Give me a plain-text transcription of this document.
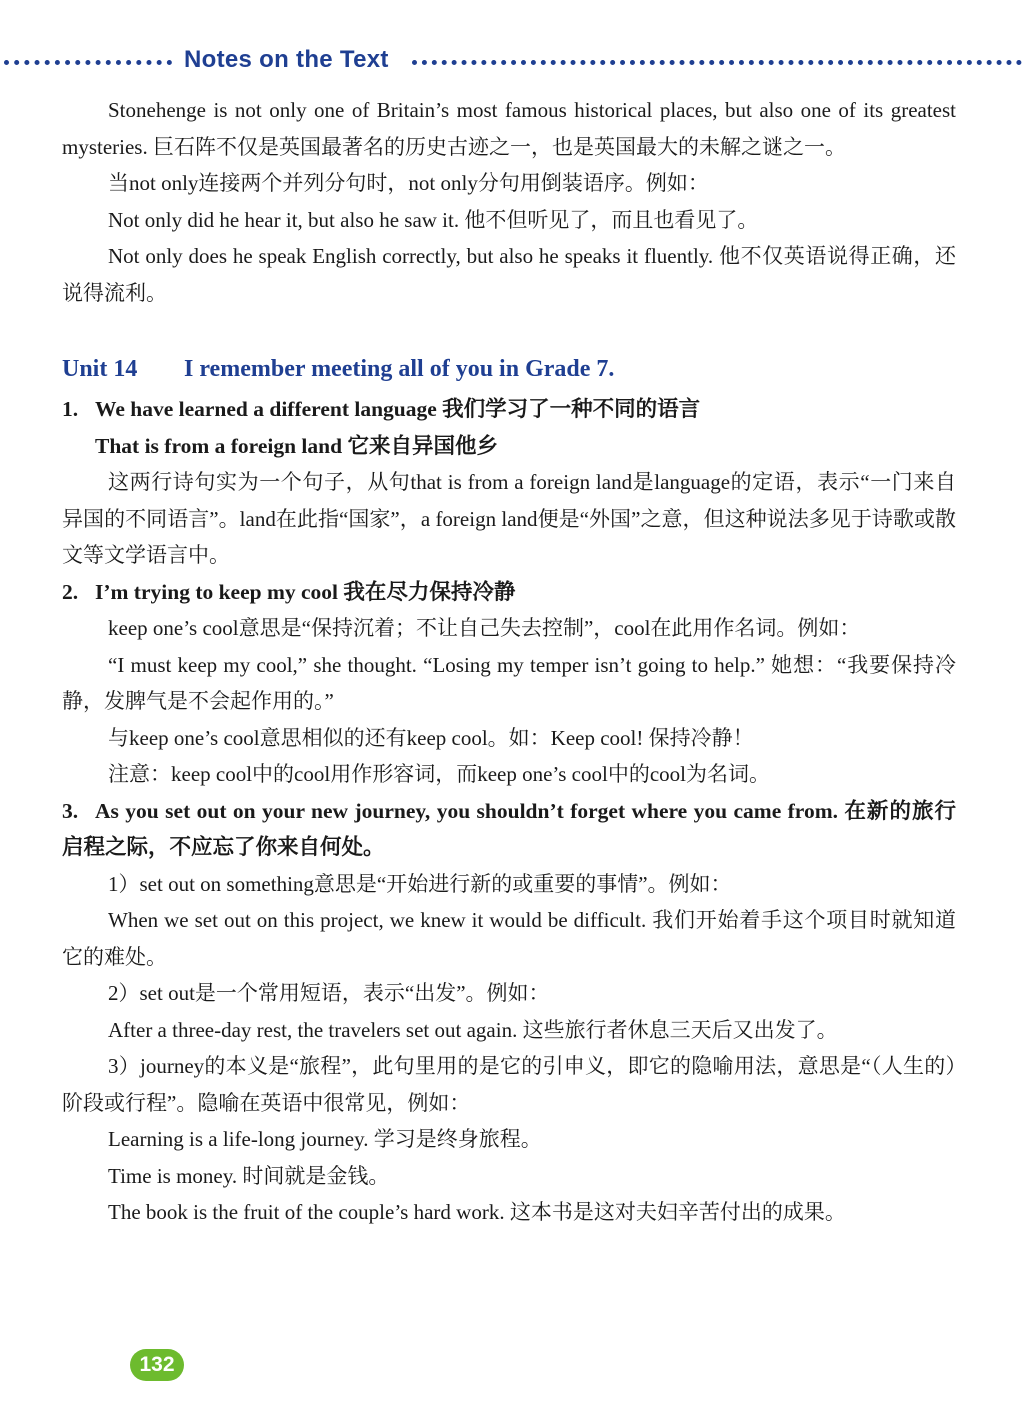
Notes on the Text

Stonehenge is not only one of Britain’s most famous historical places, but also one of its greatest mysteries. 巨石阵不仅是英国最著名的历史古迹之一，也是英国最大的未解之谜之一。

当not only连接两个并列分句时，not only分句用倒装语序。例如：

Not only did he hear it, but also he saw it. 他不但听见了，而且也看见了。

Not only does he speak English correctly, but also he speaks it fluently. 他不仅英语说得正确，还说得流利。

Unit 14 I remember meeting all of you in Grade 7.

1. We have learned a different language 我们学习了一种不同的语言

That is from a foreign land 它来自异国他乡

这两行诗句实为一个句子，从句that is from a foreign land是language的定语，表示“一门来自异国的不同语言”。land在此指“国家”，a foreign land便是“外国”之意，但这种说法多见于诗歌或散文等文学语言中。

2. I’m trying to keep my cool 我在尽力保持冷静

keep one’s cool意思是“保持沉着；不让自己失去控制”，cool在此用作名词。例如：

“I must keep my cool,” she thought. “Losing my temper isn’t going to help.” 她想：“我要保持冷静，发脾气是不会起作用的。”

与keep one’s cool意思相似的还有keep cool。如：Keep cool! 保持冷静！

注意：keep cool中的cool用作形容词，而keep one’s cool中的cool为名词。

3. As you set out on your new journey, you shouldn’t forget where you came from. 在新的旅行启程之际，不应忘了你来自何处。

1）set out on something意思是“开始进行新的或重要的事情”。例如：

When we set out on this project, we knew it would be difficult. 我们开始着手这个项目时就知道它的难处。

2）set out是一个常用短语，表示“出发”。例如：

After a three-day rest, the travelers set out again. 这些旅行者休息三天后又出发了。

3）journey的本义是“旅程”，此句里用的是它的引申义，即它的隐喻用法，意思是“（人生的）阶段或行程”。隐喻在英语中很常见，例如：

Learning is a life-long journey. 学习是终身旅程。

Time is money. 时间就是金钱。

The book is the fruit of the couple’s hard work. 这本书是这对夫妇辛苦付出的成果。

132
